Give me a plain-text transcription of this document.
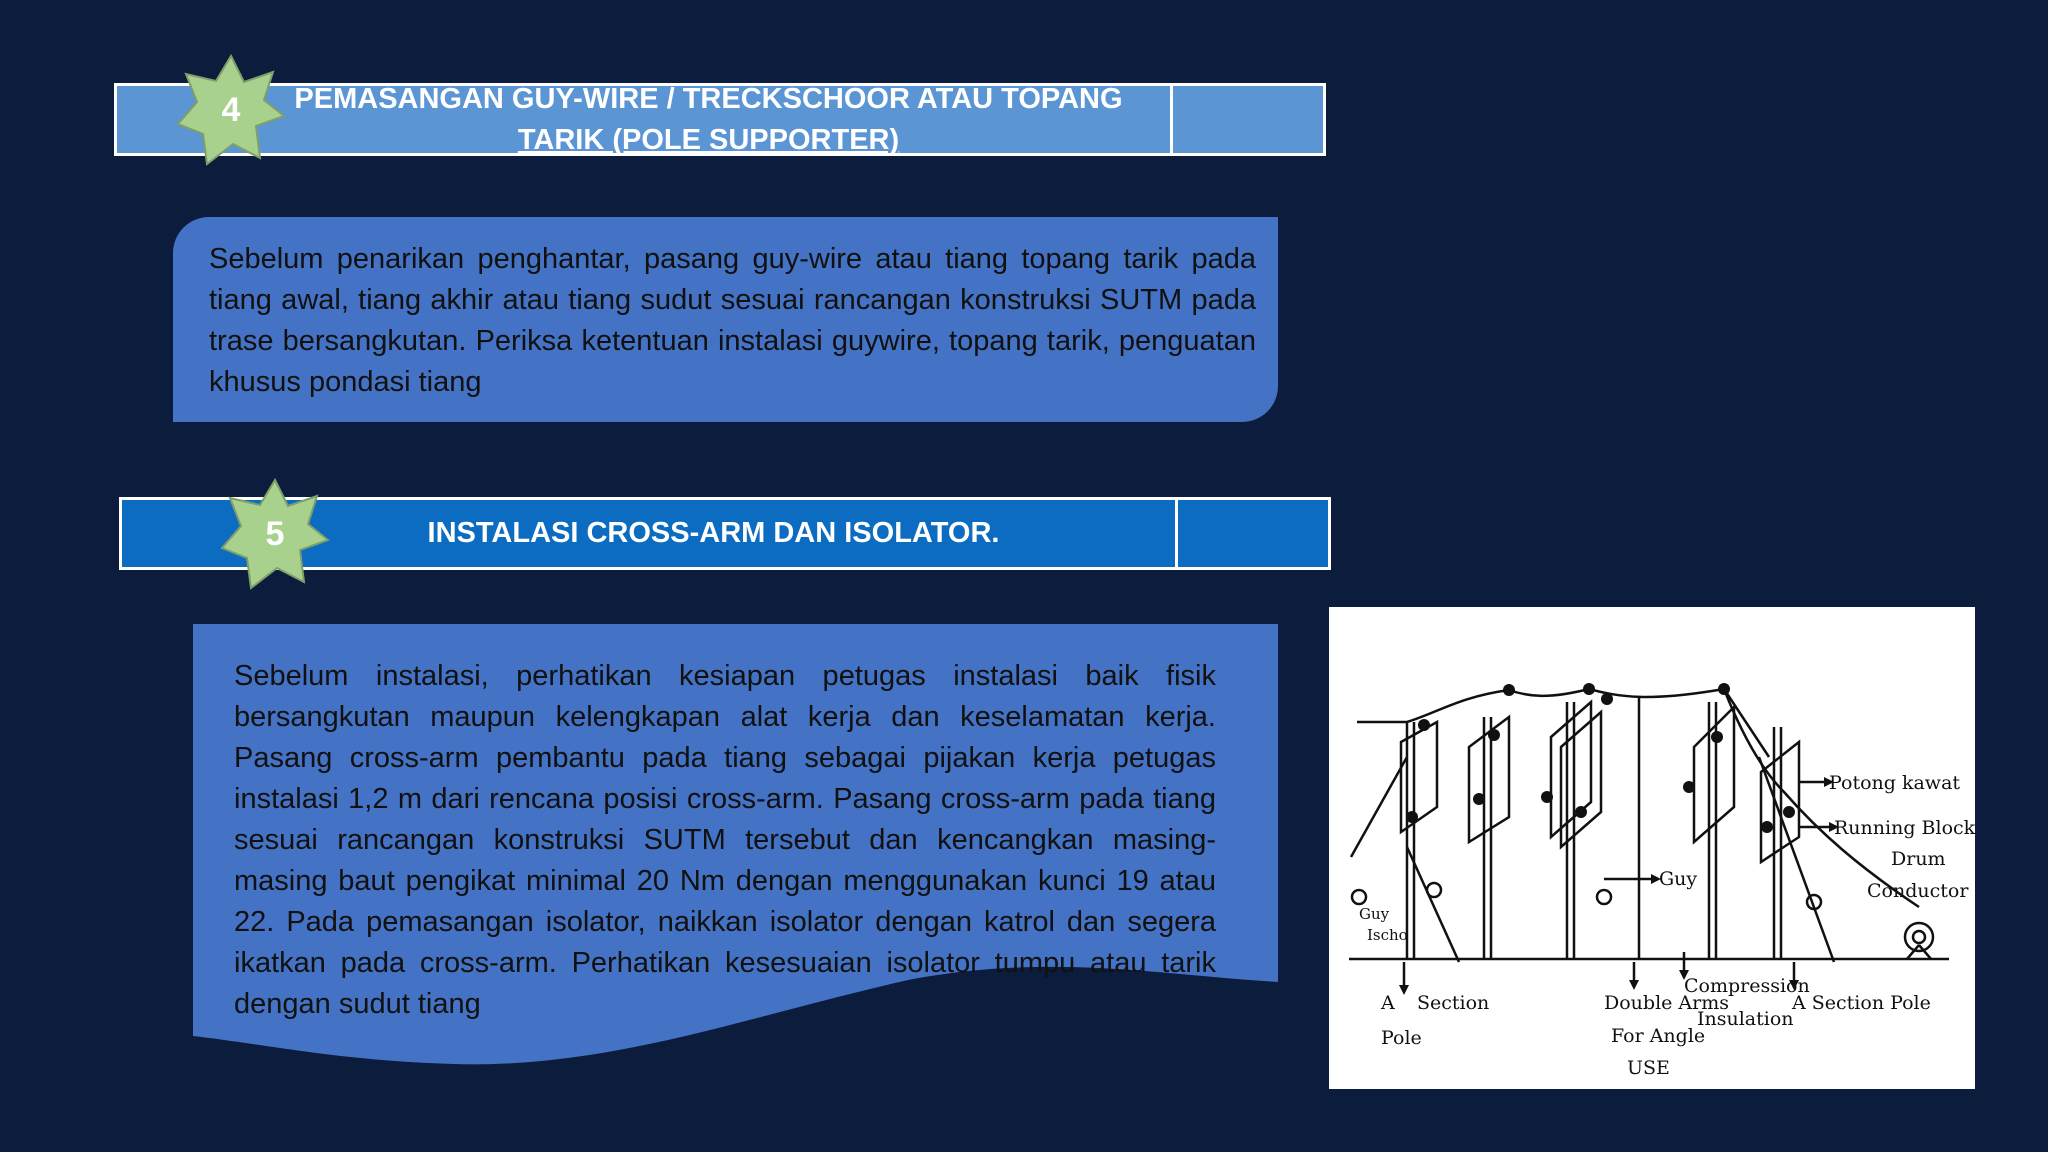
PEMASANGAN GUY-WIRE / TRECKSCHOOR ATAU TOPANG
TARIK (POLE SUPPORTER)
4
Sebelum penarikan penghantar, pasang guy-wire atau tiang topang tarik pada tiang awal, tiang akhir atau tiang sudut sesuai rancangan konstruksi SUTM pada trase bersangkutan. Periksa ketentuan instalasi guywire, topang tarik, penguatan khusus pondasi tiang
INSTALASI CROSS-ARM DAN ISOLATOR.
5
Sebelum instalasi, perhatikan kesiapan petugas instalasi baik fisik bersangkutan maupun kelengkapan alat kerja dan keselamatan kerja. Pasang cross-arm pembantu pada tiang sebagai pijakan kerja petugas instalasi 1,2 m dari rencana posisi cross-arm. Pasang cross-arm pada tiang sesuai rancangan konstruksi SUTM tersebut dan kencangkan masing-masing baut pengikat minimal 20 Nm dengan menggunakan kunci 19 atau 22. Pada pemasangan isolator, naikkan isolator dengan katrol dan segera ikatkan pada cross-arm. Perhatikan kesesuaian isolator tumpu atau tarik dengan sudut tiang
Potong kawat
Running Block
Drum
Conductor
Guy
Guy
Ischo
A
Pole
Section	Double Arms
For Angle
USE
Compression
Insulation
A Section Pole
